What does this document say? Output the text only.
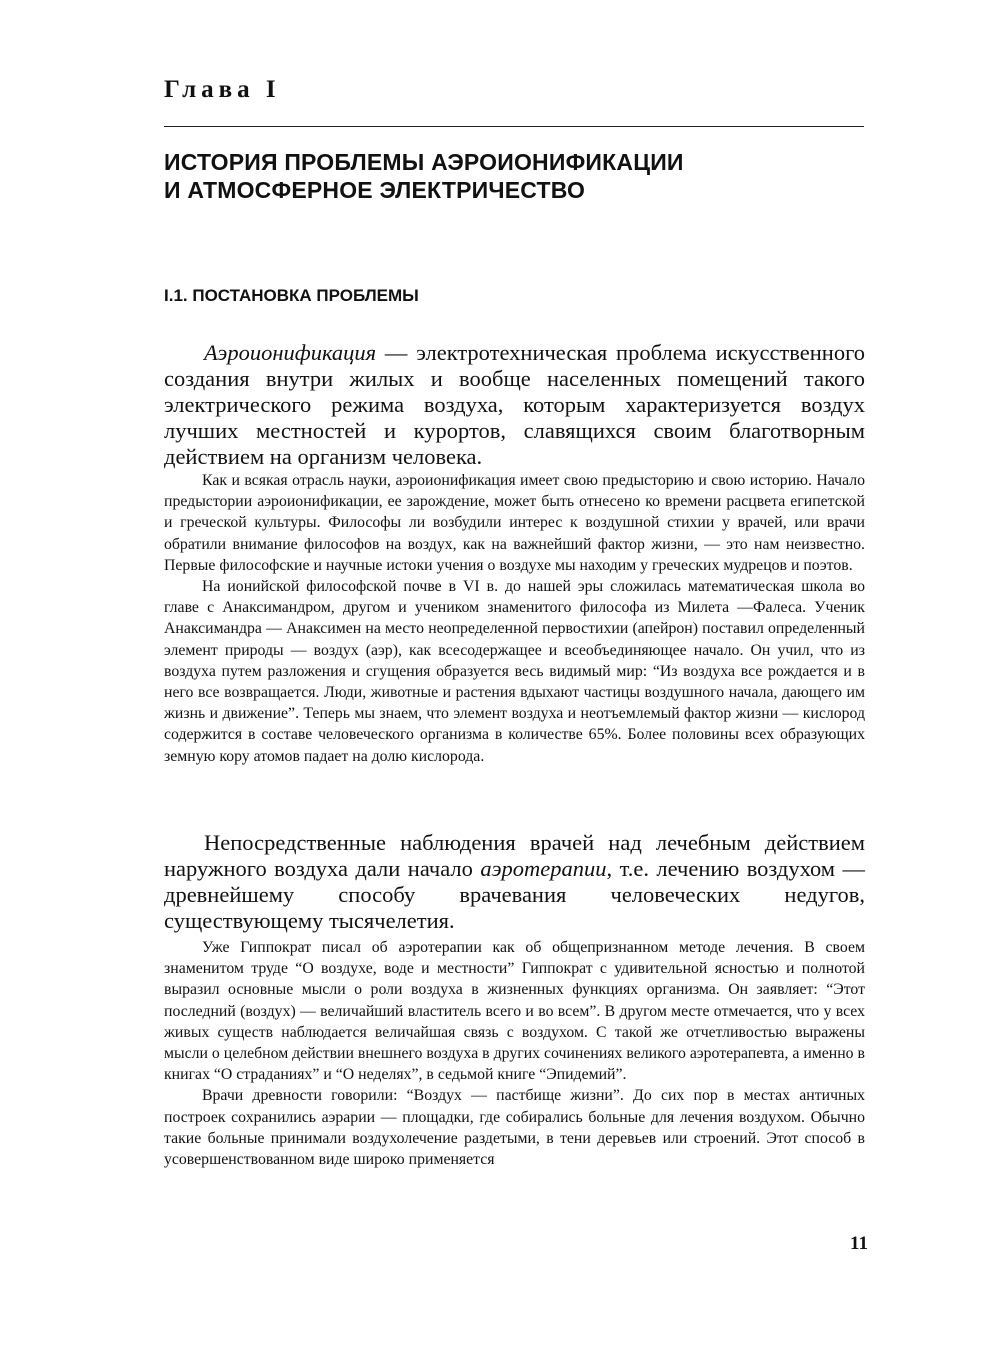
Глава I
ИСТОРИЯ ПРОБЛЕМЫ АЭРОИОНИФИКАЦИИ
И АТМОСФЕРНОЕ ЭЛЕКТРИЧЕСТВО
I.1. ПОСТАНОВКА ПРОБЛЕМЫ

Аэроионификация — электротехническая проблема искусственного создания внутри жилых и вообще населенных помещений такого электрического режима воздуха, которым характеризуется воздух лучших местностей и курортов, славящихся своим благотворным действием на организм человека.

Как и всякая отрасль науки, аэроионификация имеет свою предысторию и свою историю. Начало предыстории аэроионификации, ее зарождение, может быть отнесено ко времени расцвета египетской и греческой культуры. Философы ли возбудили интерес к воздушной стихии у врачей, или врачи обратили внимание философов на воздух, как на важнейший фактор жизни, — это нам неизвестно. Первые философские и научные истоки учения о воздухе мы находим у греческих мудрецов и поэтов.

На ионийской философской почве в VI в. до нашей эры сложилась математическая школа во главе с Анаксимандром, другом и учеником знаменитого философа из Милета —Фалеса. Ученик Анаксимандра — Анаксимен на место неопределенной первостихии (апейрон) поставил определенный элемент природы — воздух (аэр), как всесодержащее и всеобъединяющее начало. Он учил, что из воздуха путем разложения и сгущения образуется весь видимый мир: “Из воздуха все рождается и в него все возвращается. Люди, животные и растения вдыхают частицы воздушного начала, дающего им жизнь и движение”. Теперь мы знаем, что элемент воздуха и неотъемлемый фактор жизни — кислород содержится в составе человеческого организма в количестве 65%. Более половины всех образующих земную кору атомов падает на долю кислорода.

Непосредственные наблюдения врачей над лечебным действием наружного воздуха дали начало аэротерапии, т.е. лечению воздухом — древнейшему способу врачевания человеческих недугов, существующему тысячелетия.

Уже Гиппократ писал об аэротерапии как об общепризнанном методе лечения. В своем знаменитом труде “О воздухе, воде и местности” Гиппократ с удивительной ясностью и полнотой выразил основные мысли о роли воздуха в жизненных функциях организма. Он заявляет: “Этот последний (воздух) — величайший властитель всего и во всем”. В другом месте отмечается, что у всех живых существ наблюдается величайшая связь с воздухом. С такой же отчетливостью выражены мысли о целебном действии внешнего воздуха в других сочинениях великого аэротерапевта, а именно в книгах “О страданиях” и “О неделях”, в седьмой книге “Эпидемий”.

Врачи древности говорили: “Воздух — пастбище жизни”. До сих пор в местах античных построек сохранились аэрарии — площадки, где собирались больные для лечения воздухом. Обычно такие больные принимали воздухолечение раздетыми, в тени деревьев или строений. Этот способ в усовершенствованном виде широко применяется

11
